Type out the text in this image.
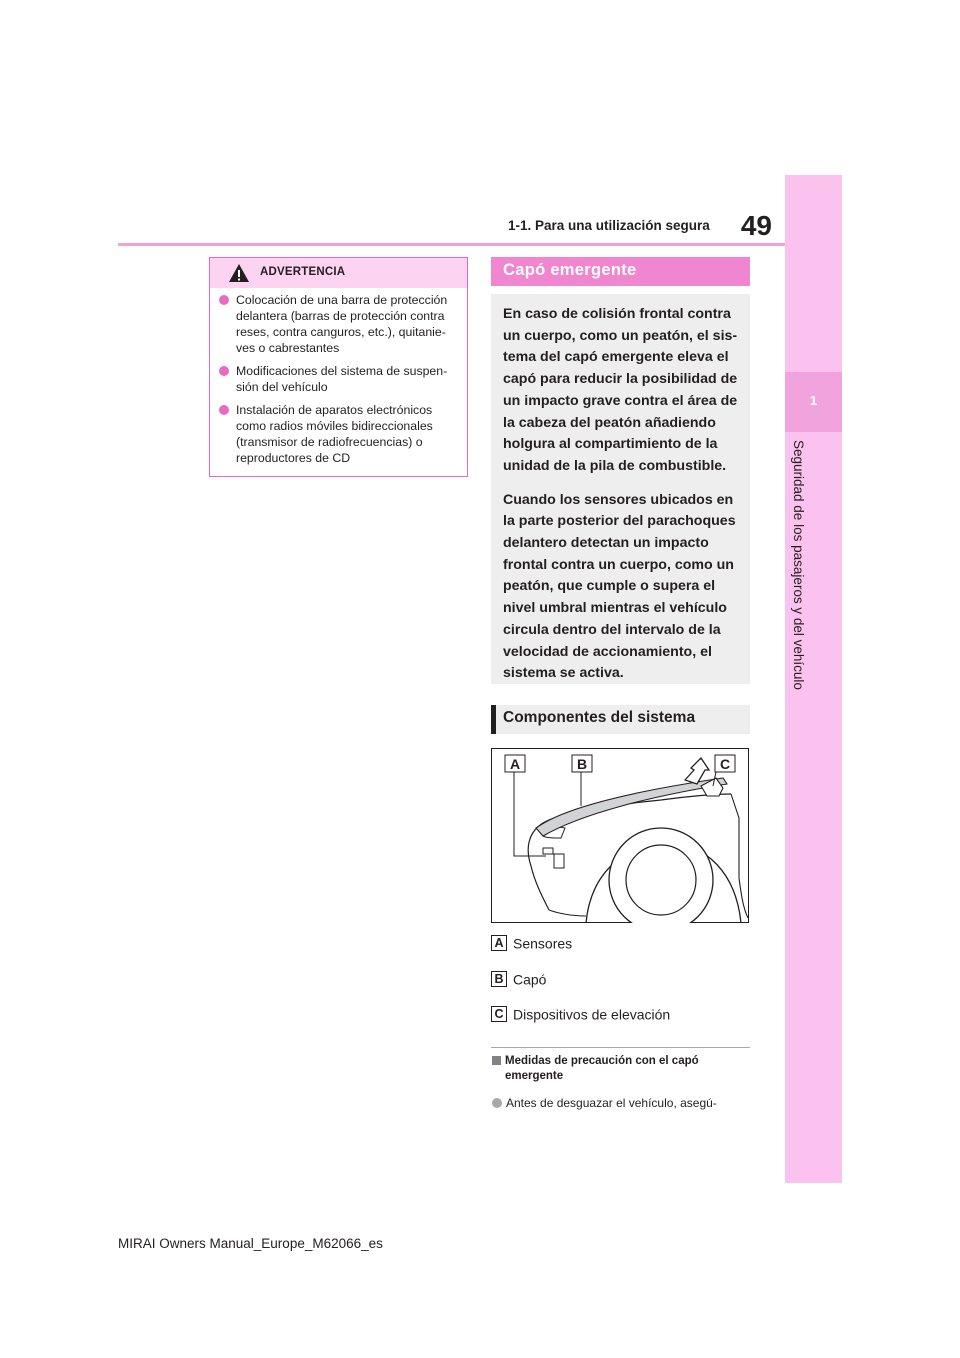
1
Seguridad de los pasajeros y del vehículo
1-1. Para una utilización segura	49
ADVERTENCIA
Colocación de una barra de protección delantera (barras de protección contra reses, contra canguros, etc.), quitanieves o cabrestantes
Modificaciones del sistema de suspensión del vehículo
Instalación de aparatos electrónicos como radios móviles bidireccionales (transmisor de radiofrecuencias) o reproductores de CD
Capó emergente

En caso de colisión frontal contra un cuerpo, como un peatón, el sistema del capó emergente eleva el capó para reducir la posibilidad de un impacto grave contra el área de la cabeza del peatón añadiendo holgura al compartimiento de la unidad de la pila de combustible.

Cuando los sensores ubicados en la parte posterior del parachoques delantero detectan un impacto frontal contra un cuerpo, como un peatón, que cumple o supera el nivel umbral mientras el vehículo circula dentro del intervalo de la velocidad de accionamiento, el sistema se activa.

Componentes del sistema
A	B	C
A Sensores
B Capó
C Dispositivos de elevación
Medidas de precaución con el capó emergente
Antes de desguazar el vehículo, asegú-
MIRAI Owners Manual_Europe_M62066_es
